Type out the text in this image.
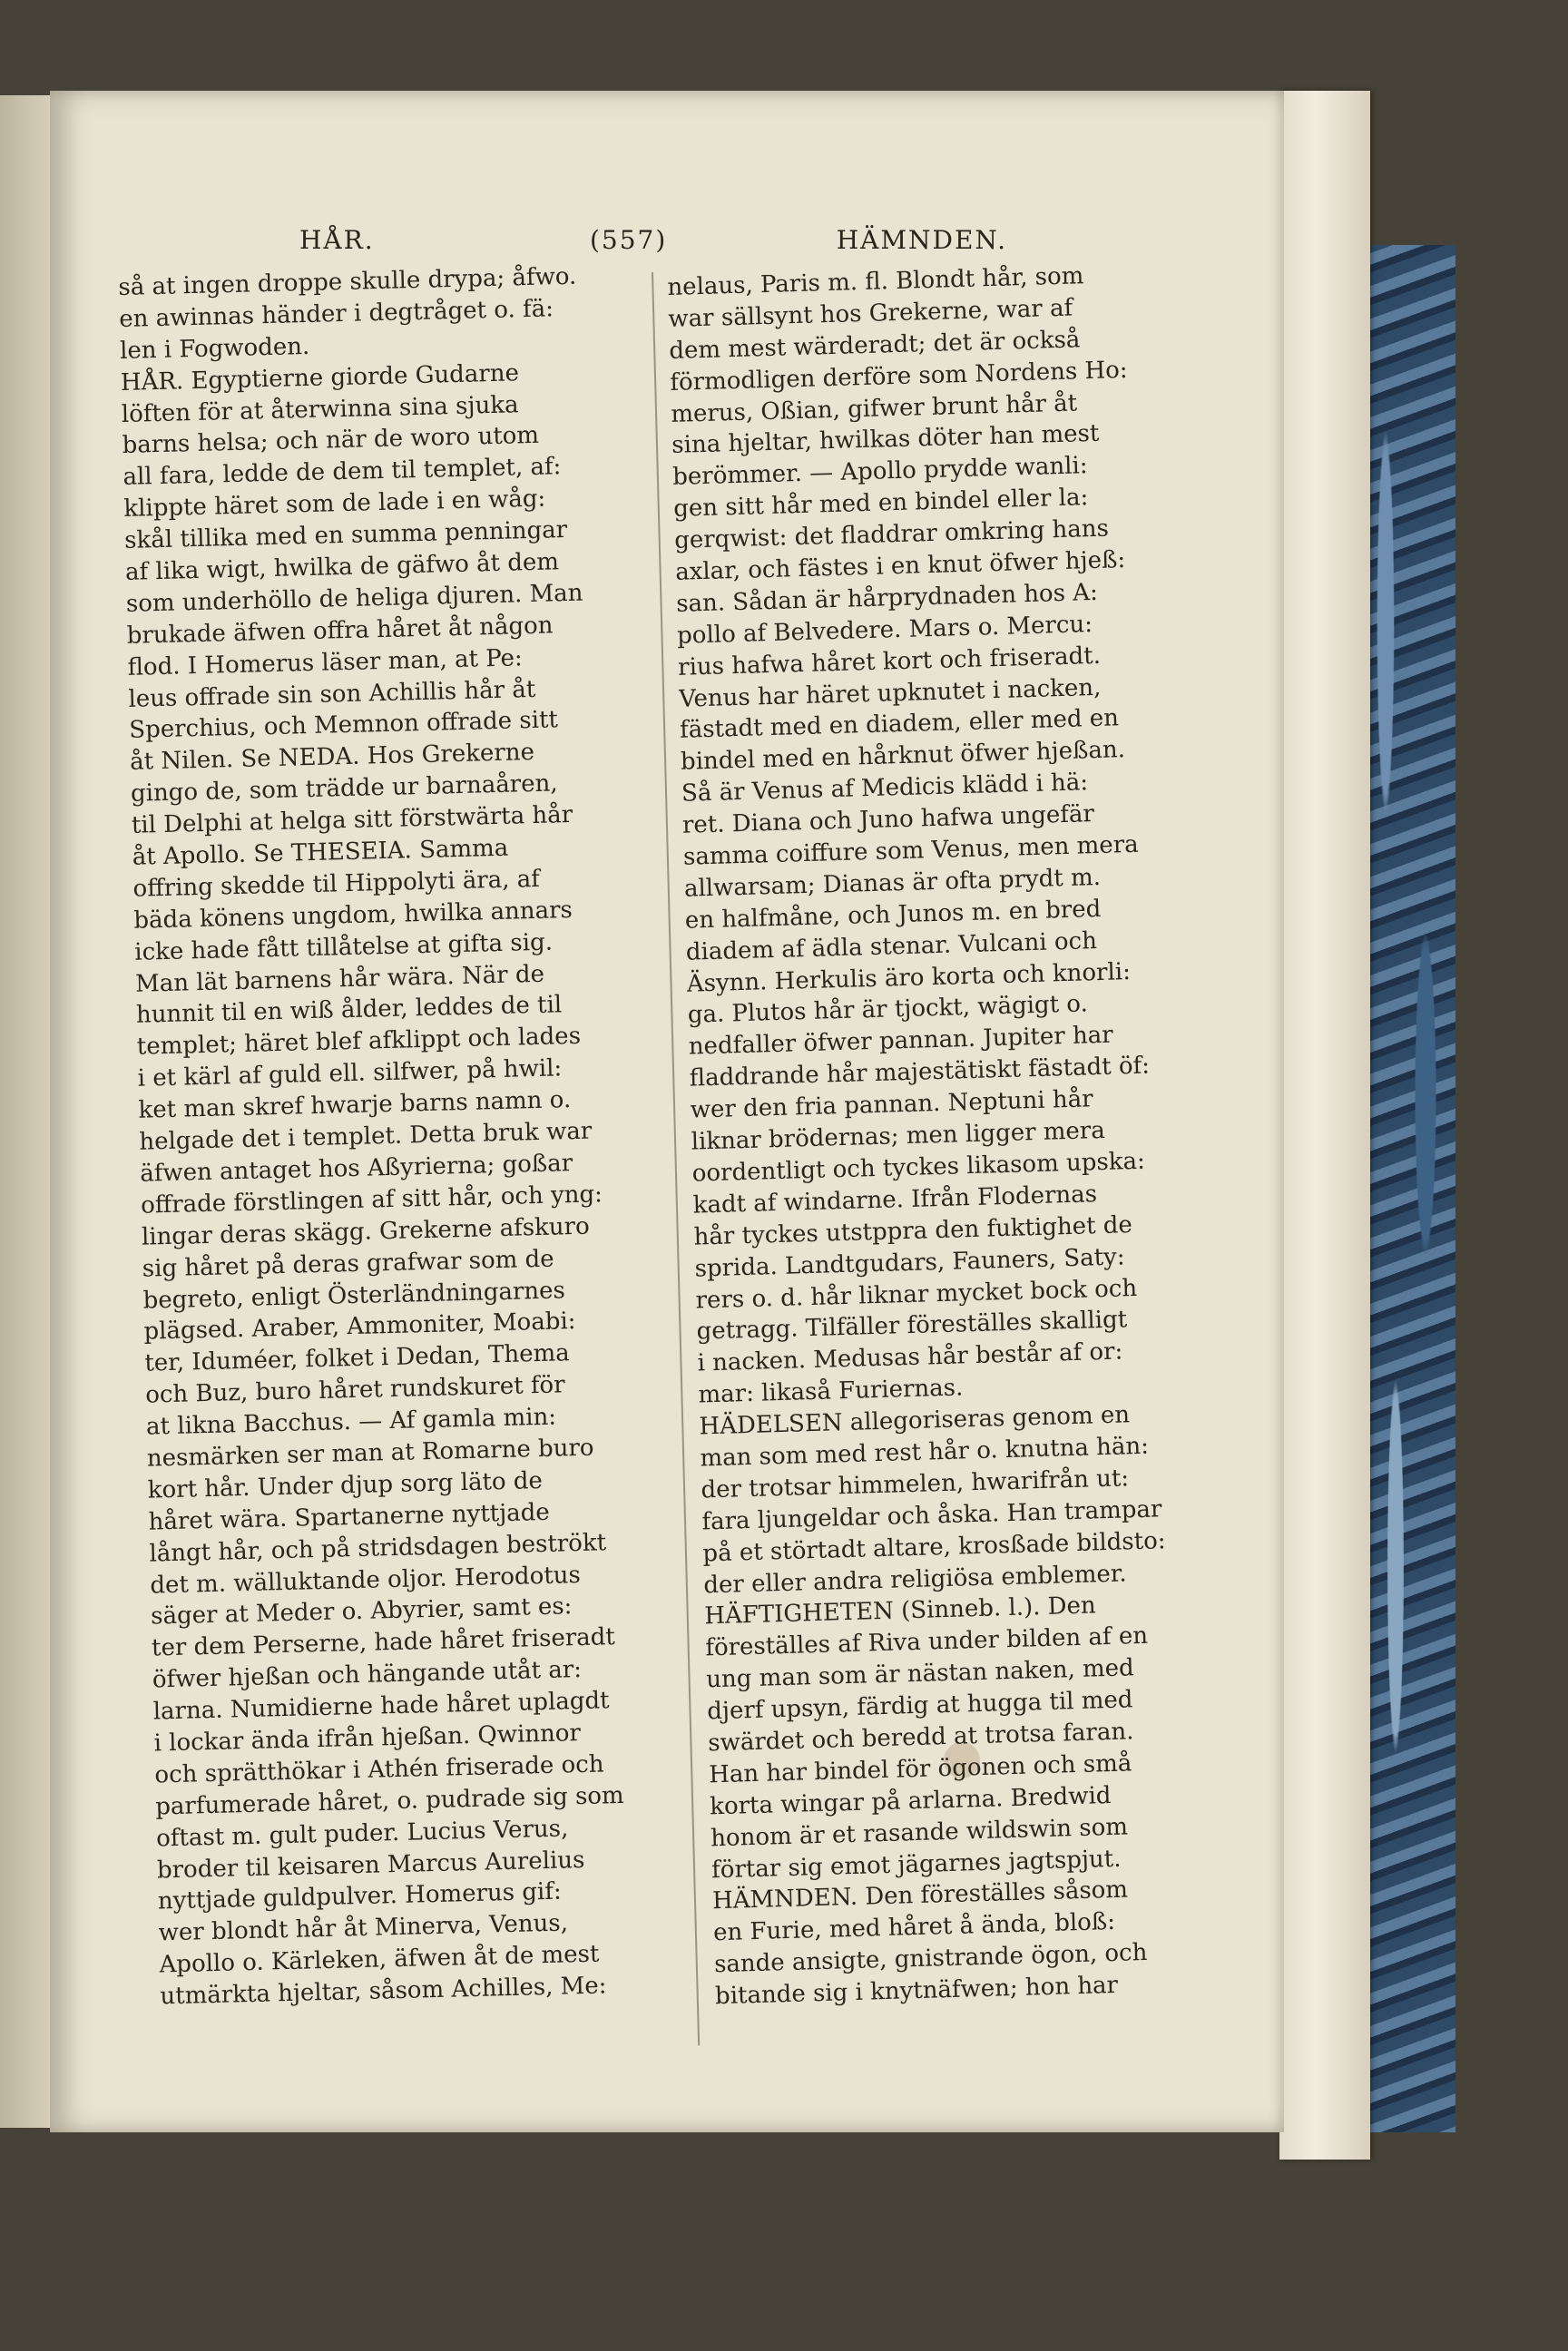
HÅR.	(557)	HÄMNDEN.
så at ingen droppe skulle drypa; åfwo.
en awinnas händer i degtråget o. fä:
len i Fogwoden.
HÅR. Egyptierne giorde Gudarne
löften för at återwinna sina sjuka
barns helsa; och när de woro utom
all fara, ledde de dem til templet, af:
klippte häret som de lade i en wåg:
skål tillika med en summa penningar
af lika wigt, hwilka de gäfwo åt dem
som underhöllo de heliga djuren. Man
brukade äfwen offra håret åt någon
flod. I Homerus läser man, at Pe:
leus offrade sin son Achillis hår åt
Sperchius, och Memnon offrade sitt
åt Nilen. Se NEDA. Hos Grekerne
gingo de, som trädde ur barnaåren,
til Delphi at helga sitt förstwärta hår
åt Apollo. Se THESEIA. Samma
offring skedde til Hippolyti ära, af
bäda könens ungdom, hwilka annars
icke hade fått tillåtelse at gifta sig.
Man lät barnens hår wära. När de
hunnit til en wiß ålder, leddes de til
templet; häret blef afklippt och lades
i et kärl af guld ell. silfwer, på hwil:
ket man skref hwarje barns namn o.
helgade det i templet. Detta bruk war
äfwen antaget hos Aßyrierna; goßar
offrade förstlingen af sitt hår, och yng:
lingar deras skägg. Grekerne afskuro
sig håret på deras grafwar som de
begreto, enligt Österländningarnes
plägsed. Araber, Ammoniter, Moabi:
ter, Iduméer, folket i Dedan, Thema
och Buz, buro håret rundskuret för
at likna Bacchus. — Af gamla min:
nesmärken ser man at Romarne buro
kort hår. Under djup sorg läto de
håret wära. Spartanerne nyttjade
långt hår, och på stridsdagen beströkt
det m. wälluktande oljor. Herodotus
säger at Meder o. Abyrier, samt es:
ter dem Perserne, hade håret friseradt
öfwer hjeßan och hängande utåt ar:
larna. Numidierne hade håret uplagdt
i lockar ända ifrån hjeßan. Qwinnor
och sprätthökar i Athén friserade och
parfumerade håret, o. pudrade sig som
oftast m. gult puder. Lucius Verus,
broder til keisaren Marcus Aurelius
nyttjade guldpulver. Homerus gif:
wer blondt hår åt Minerva, Venus,
Apollo o. Kärleken, äfwen åt de mest
utmärkta hjeltar, såsom Achilles, Me:
nelaus, Paris m. fl. Blondt hår, som
war sällsynt hos Grekerne, war af
dem mest wärderadt; det är också
förmodligen derföre som Nordens Ho:
merus, Oßian, gifwer brunt hår åt
sina hjeltar, hwilkas döter han mest
berömmer. — Apollo prydde wanli:
gen sitt hår med en bindel eller la:
gerqwist: det fladdrar omkring hans
axlar, och fästes i en knut öfwer hjeß:
san. Sådan är hårprydnaden hos A:
pollo af Belvedere. Mars o. Mercu:
rius hafwa håret kort och friseradt.
Venus har häret upknutet i nacken,
fästadt med en diadem, eller med en
bindel med en hårknut öfwer hjeßan.
Så är Venus af Medicis klädd i hä:
ret. Diana och Juno hafwa ungefär
samma coiffure som Venus, men mera
allwarsam; Dianas är ofta prydt m.
en halfmåne, och Junos m. en bred
diadem af ädla stenar. Vulcani och
Äsynn. Herkulis äro korta och knorli:
ga. Plutos hår är tjockt, wägigt o.
nedfaller öfwer pannan. Jupiter har
fladdrande hår majestätiskt fästadt öf:
wer den fria pannan. Neptuni hår
liknar brödernas; men ligger mera
oordentligt och tyckes likasom upska:
kadt af windarne. Ifrån Flodernas
hår tyckes utstppra den fuktighet de
sprida. Landtgudars, Fauners, Saty:
rers o. d. hår liknar mycket bock och
getragg. Tilfäller föreställes skalligt
i nacken. Medusas hår består af or:
mar: likaså Furiernas.
HÄDELSEN allegoriseras genom en
man som med rest hår o. knutna hän:
der trotsar himmelen, hwarifrån ut:
fara ljungeldar och åska. Han trampar
på et störtadt altare, krosßade bildsto:
der eller andra religiösa emblemer.
HÄFTIGHETEN (Sinneb. l.). Den
föreställes af Riva under bilden af en
ung man som är nästan naken, med
djerf upsyn, färdig at hugga til med
swärdet och beredd at trotsa faran.
Han har bindel för ögonen och små
korta wingar på arlarna. Bredwid
honom är et rasande wildswin som
förtar sig emot jägarnes jagtspjut.
HÄMNDEN. Den föreställes såsom
en Furie, med håret å ända, bloß:
sande ansigte, gnistrande ögon, och
bitande sig i knytnäfwen; hon har
